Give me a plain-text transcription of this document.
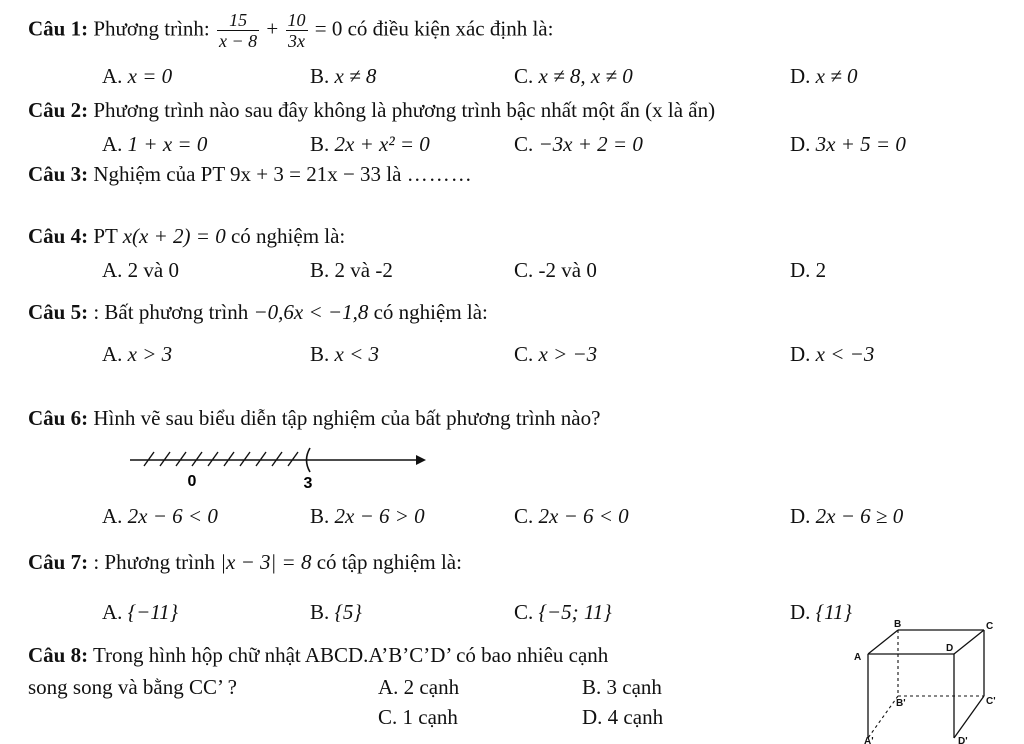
Câu 1: Phương trình: $\frac{15}{x - 8} + \frac{10}{3x} = 0$ có điều kiện xác định là:
A. x = 0	B. x ≠ 8	C. x ≠ 8, x ≠ 0	D. x ≠ 0
Câu 2: Phương trình nào sau đây không là phương trình bậc nhất một ẩn (x là ẩn)
A. 1 + x = 0	B. 2x + x² = 0	C. −3x + 2 = 0	D. 3x + 5 = 0
Câu 3: Nghiệm của PT 9x + 3 = 21x − 33 là ………
Câu 4: PT x(x + 2) = 0 có nghiệm là:
A. 2 và 0	B. 2 và -2	C. -2 và 0	D. 2
Câu 5: : Bất phương trình −0,6x < −1,8 có nghiệm là:
A. x > 3	B. x < 3	C. x > −3	D. x < −3
Câu 6: Hình vẽ sau biểu diễn tập nghiệm của bất phương trình nào?
0	3
A. 2x − 6 < 0	B. 2x − 6 > 0	C. 2x − 6 < 0	D. 2x − 6 ≥ 0
Câu 7: : Phương trình |x − 3| = 8 có tập nghiệm là:
A. {−11}	B. {5}	C. {−5; 11}	D. {11}
Câu 8: Trong hình hộp chữ nhật ABCD.A’B’C’D’ có bao nhiêu cạnh
song song và bằng CC’ ?	A. 2 cạnh	B. 3 cạnh
C. 1 cạnh	D. 4 cạnh
B	C
A
D
B'	C'
A'	D'
